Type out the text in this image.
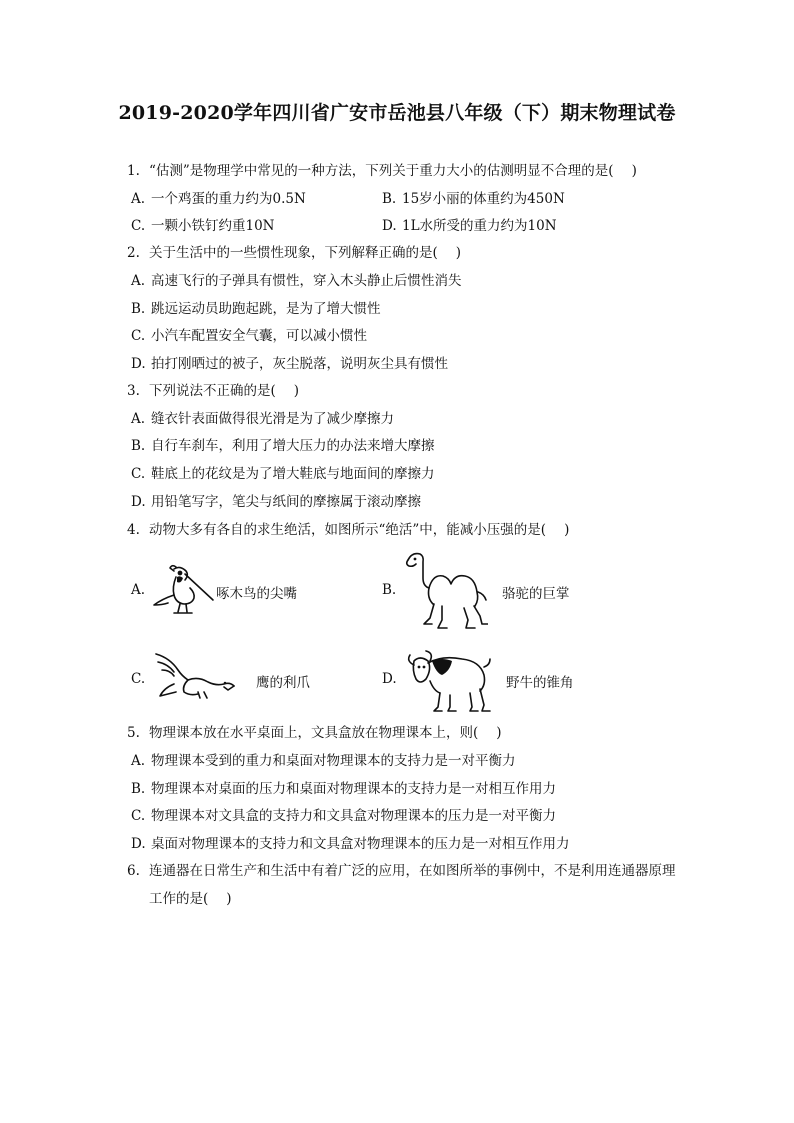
2019-2020学年四川省广安市岳池县八年级（下）期末物理试卷
1. “估测”是物理学中常见的一种方法，下列关于重力大小的估测明显不合理的是( )
A. 一个鸡蛋的重力约为0.5N	B. 15岁小丽的体重约为450N
C. 一颗小铁钉约重10N	D. 1L水所受的重力约为10N
2. 关于生活中的一些惯性现象，下列解释正确的是( )
A. 高速飞行的子弹具有惯性，穿入木头静止后惯性消失
B. 跳远运动员助跑起跳，是为了增大惯性
C. 小汽车配置安全气囊，可以减小惯性
D. 拍打刚晒过的被子，灰尘脱落，说明灰尘具有惯性
3. 下列说法不正确的是( )
A. 缝衣针表面做得很光滑是为了减少摩擦力
B. 自行车刹车，利用了增大压力的办法来增大摩擦
C. 鞋底上的花纹是为了增大鞋底与地面间的摩擦力
D. 用铅笔写字，笔尖与纸间的摩擦属于滚动摩擦
4. 动物大多有各自的求生绝活，如图所示“绝活”中，能减小压强的是( )
A.	啄木鸟的尖嘴	B.	骆驼的巨掌
C.	鹰的利爪	D.	野牛的锥角
5. 物理课本放在水平桌面上，文具盒放在物理课本上，则( )
A. 物理课本受到的重力和桌面对物理课本的支持力是一对平衡力
B. 物理课本对桌面的压力和桌面对物理课本的支持力是一对相互作用力
C. 物理课本对文具盒的支持力和文具盒对物理课本的压力是一对平衡力
D. 桌面对物理课本的支持力和文具盒对物理课本的压力是一对相互作用力
6. 连通器在日常生产和生活中有着广泛的应用，在如图所举的事例中，不是利用连通器原理
工作的是( )
